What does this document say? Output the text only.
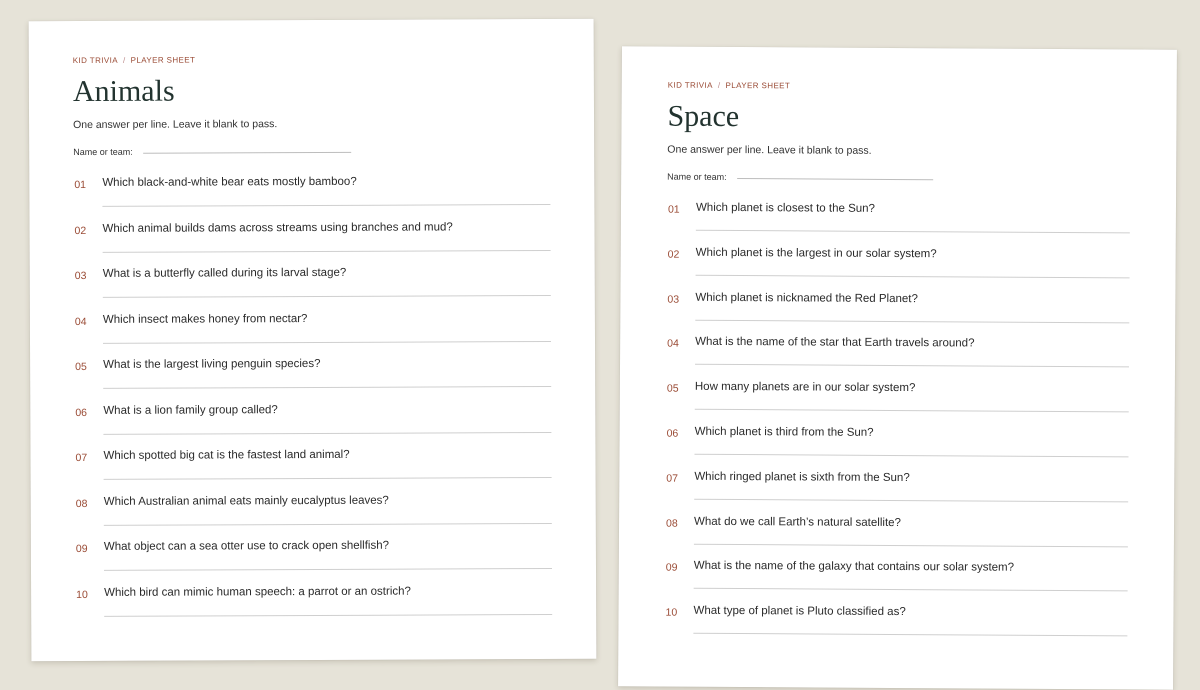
KID TRIVIA / PLAYER SHEET
Animals
One answer per line. Leave it blank to pass.
Name or team:
01	Which black-and-white bear eats mostly bamboo?
02	Which animal builds dams across streams using branches and mud?
03	What is a butterfly called during its larval stage?
04	Which insect makes honey from nectar?
05	What is the largest living penguin species?
06	What is a lion family group called?
07	Which spotted big cat is the fastest land animal?
08	Which Australian animal eats mainly eucalyptus leaves?
09	What object can a sea otter use to crack open shellfish?
10	Which bird can mimic human speech: a parrot or an ostrich?
KID TRIVIA / PLAYER SHEET
Space
One answer per line. Leave it blank to pass.
Name or team:
01	Which planet is closest to the Sun?
02	Which planet is the largest in our solar system?
03	Which planet is nicknamed the Red Planet?
04	What is the name of the star that Earth travels around?
05	How many planets are in our solar system?
06	Which planet is third from the Sun?
07	Which ringed planet is sixth from the Sun?
08	What do we call Earth’s natural satellite?
09	What is the name of the galaxy that contains our solar system?
10	What type of planet is Pluto classified as?
